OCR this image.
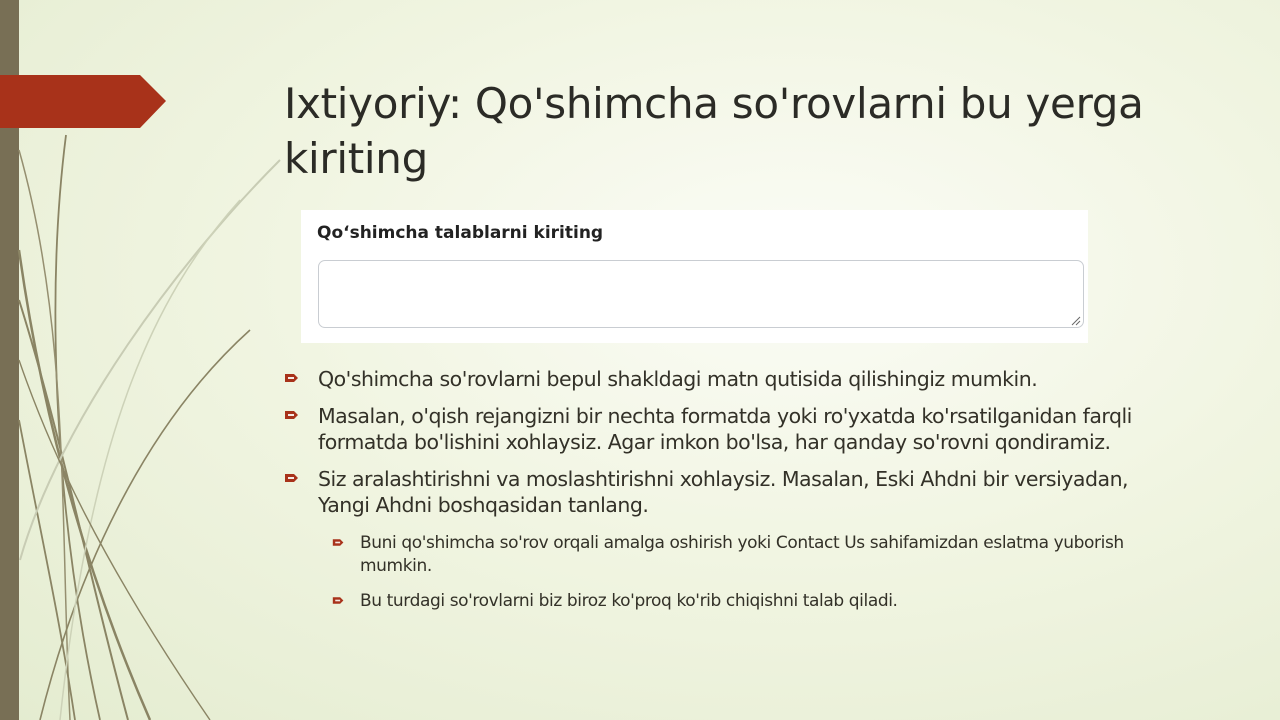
Ixtiyoriy: Qo'shimcha so'rovlarni bu yerga kiriting
Qo‘shimcha talablarni kiriting
Qo'shimcha so'rovlarni bepul shakldagi matn qutisida qilishingiz mumkin.
Masalan, o'qish rejangizni bir nechta formatda yoki ro'yxatda ko'rsatilganidan farqli formatda bo'lishini xohlaysiz. Agar imkon bo'lsa, har qanday so'rovni qondiramiz.
Siz aralashtirishni va moslashtirishni xohlaysiz. Masalan, Eski Ahdni bir versiyadan, Yangi Ahdni boshqasidan tanlang.
Buni qo'shimcha so'rov orqali amalga oshirish yoki Contact Us sahifamizdan eslatma yuborish mumkin.
Bu turdagi so'rovlarni biz biroz ko'proq ko'rib chiqishni talab qiladi.
